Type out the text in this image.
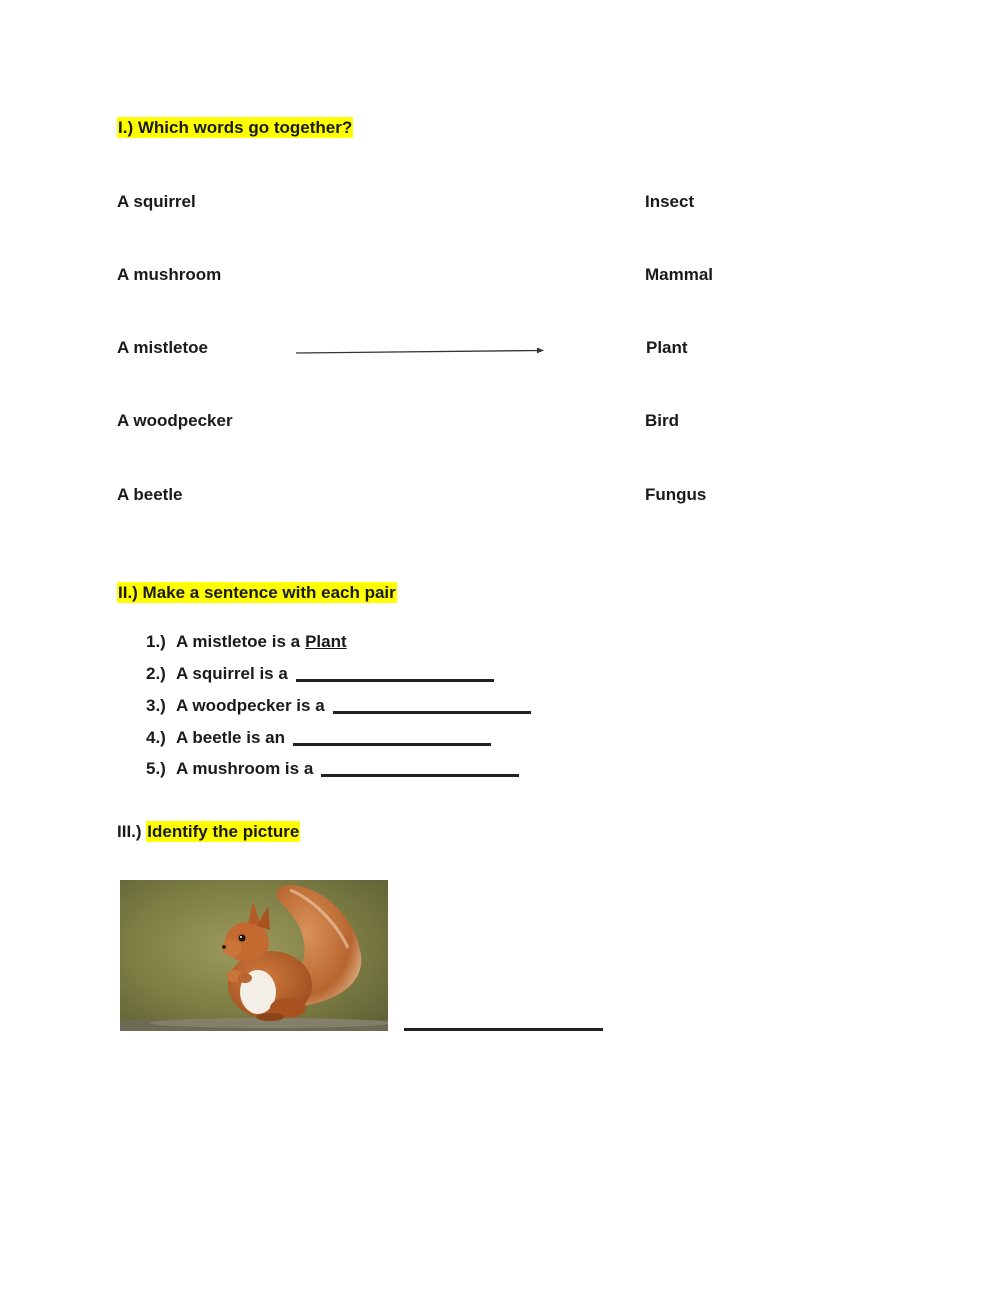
I.) Which words go together?
A squirrel
A mushroom
A mistletoe
A woodpecker
A beetle
Insect
Mammal
Plant
Bird
Fungus
II.) Make a sentence with each pair
1.) A mistletoe is a Plant
2.) A squirrel is a
3.) A woodpecker is a
4.) A beetle is an
5.) A mushroom is a
III.) Identify the picture
